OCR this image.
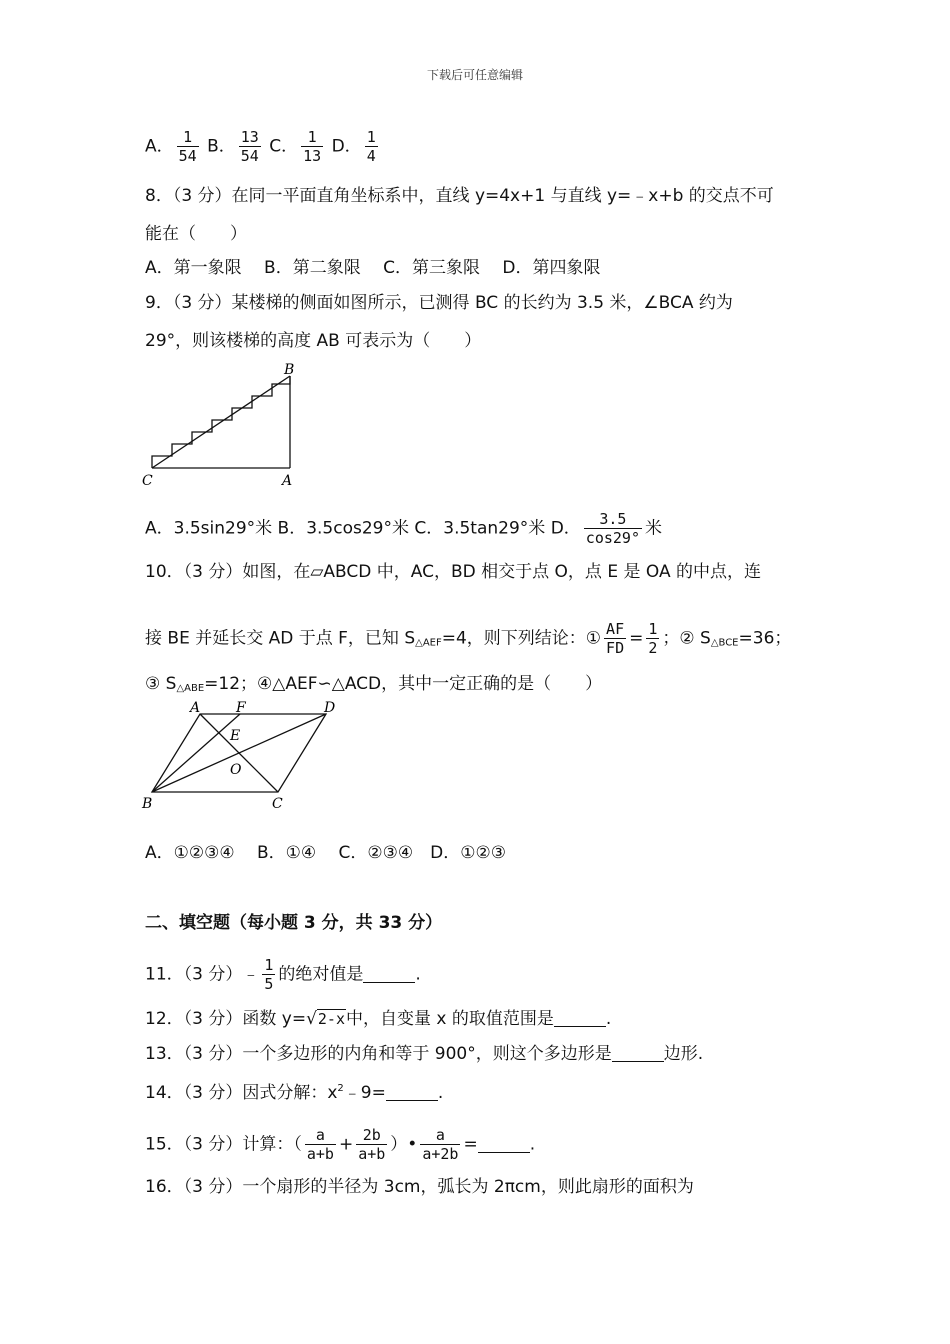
下载后可任意编辑
A． $\frac{1}{54}$ B． $\frac{13}{54}$ C． $\frac{1}{13}$ D． $\frac{1}{4}$
8．（3 分）在同一平面直角坐标系中，直线 y=4x+1 与直线 y=﹣x+b 的交点不可
能在（　　）
A．第一象限　 B．第二象限　 C．第三象限　 D．第四象限
9．（3 分）某楼梯的侧面如图所示，已测得 BC 的长约为 3.5 米，∠BCA 约为
29°，则该楼梯的高度 AB 可表示为（　　）
B
C	A
A．3.5sin29°米 B．3.5cos29°米 C．3.5tan29°米 D． $\frac{3.5}{\cos 29^\circ}$ 米
10．（3 分）如图，在▱ABCD 中，AC，BD 相交于点 O，点 E 是 OA 的中点，连
接 BE 并延长交 AD 于点 F，已知 $S_{\triangle AEF}=4$，则下列结论：① $\frac{AF}{FD} = \frac{1}{2}$ ；② $S_{\triangle BCE}=36$；
③ $S_{\triangle ABE}=12$；④△AEF∽△ACD，其中一定正确的是（　　）
A	F	D
E
O
B	C
A．①②③④　 B．①④　 C．②③④　D．①②③
二、填空题（每小题 3 分，共 33 分）
11．（3 分）﹣ $\frac{1}{5}$ 的绝对值是	.
12．（3 分）函数 y=√2-x中，自变量 x 的取值范围是	.
13．（3 分）一个多边形的内角和等于 900°，则这个多边形是	边形.
14．（3 分）因式分解：$x^2﹣9=$	.
15．（3 分）计算：（ $\frac{a}{a+b} + \frac{2b}{a+b}$ ）• $\frac{a}{a+2b}$ =	.
16．（3 分）一个扇形的半径为 3cm，弧长为 2πcm，则此扇形的面积为
